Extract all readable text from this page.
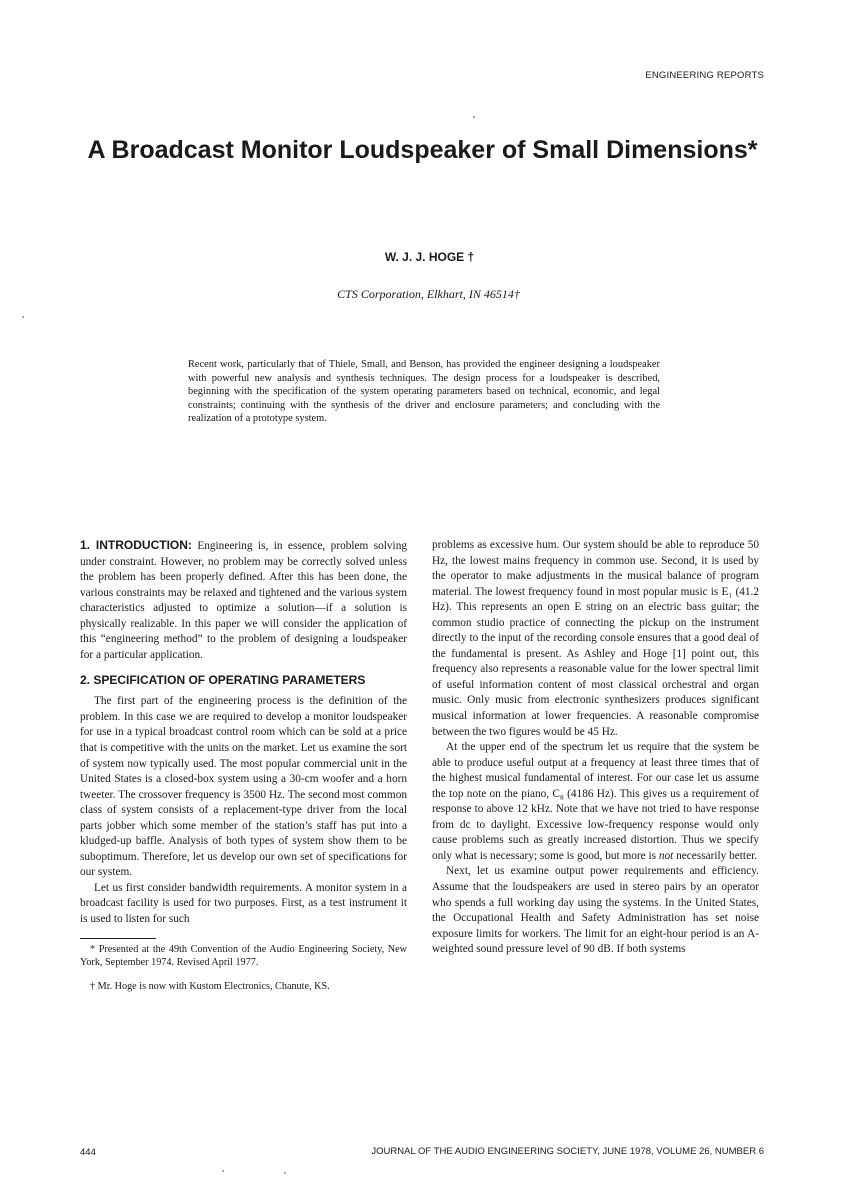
ENGINEERING REPORTS
A Broadcast Monitor Loudspeaker of Small Dimensions*
W. J. J. HOGE †
CTS Corporation, Elkhart, IN 46514†
Recent work, particularly that of Thiele, Small, and Benson, has provided the engineer designing a loudspeaker with powerful new analysis and synthesis techniques. The design process for a loudspeaker is described, beginning with the specification of the system operating parameters based on technical, economic, and legal constraints; continuing with the synthesis of the driver and enclosure parameters; and concluding with the realization of a prototype system.

1. INTRODUCTION: Engineering is, in essence, problem solving under constraint. However, no problem may be correctly solved unless the problem has been properly defined. After this has been done, the various constraints may be relaxed and tightened and the various system characteristics adjusted to optimize a solution—if a solution is physically realizable. In this paper we will consider the application of this “engineering method” to the problem of designing a loudspeaker for a particular application.

2. SPECIFICATION OF OPERATING PARAMETERS

The first part of the engineering process is the definition of the problem. In this case we are required to develop a monitor loudspeaker for use in a typical broadcast control room which can be sold at a price that is competitive with the units on the market. Let us examine the sort of system now typically used. The most popular commercial unit in the United States is a closed-box system using a 30-cm woofer and a horn tweeter. The crossover frequency is 3500 Hz. The second most common class of system consists of a replacement-type driver from the local parts jobber which some member of the station’s staff has put into a kludged-up baffle. Analysis of both types of system show them to be suboptimum. Therefore, let us develop our own set of specifications for our system.

Let us first consider bandwidth requirements. A monitor system in a broadcast facility is used for two purposes. First, as a test instrument it is used to listen for such

* Presented at the 49th Convention of the Audio Engineering Society, New York, September 1974. Revised April 1977.

† Mr. Hoge is now with Kustom Electronics, Chanute, KS.

problems as excessive hum. Our system should be able to reproduce 50 Hz, the lowest mains frequency in common use. Second, it is used by the operator to make adjustments in the musical balance of program material. The lowest frequency found in most popular music is E₁ (41.2 Hz). This represents an open E string on an electric bass guitar; the common studio practice of connecting the pickup on the instrument directly to the input of the recording console ensures that a good deal of the fundamental is present. As Ashley and Hoge [1] point out, this frequency also represents a reasonable value for the lower spectral limit of useful information content of most classical orchestral and organ music. Only music from electronic synthesizers produces significant musical information at lower frequencies. A reasonable compromise between the two figures would be 45 Hz.

At the upper end of the spectrum let us require that the system be able to produce useful output at a frequency at least three times that of the highest musical fundamental of interest. For our case let us assume the top note on the piano, C₈ (4186 Hz). This gives us a requirement of response to above 12 kHz. Note that we have not tried to have response from dc to daylight. Excessive low-frequency response would only cause problems such as greatly increased distortion. Thus we specify only what is necessary; some is good, but more is not necessarily better.

Next, let us examine output power requirements and efficiency. Assume that the loudspeakers are used in stereo pairs by an operator who spends a full working day using the systems. In the United States, the Occupational Health and Safety Administration has set noise exposure limits for workers. The limit for an eight-hour period is an A-weighted sound pressure level of 90 dB. If both systems

444	JOURNAL OF THE AUDIO ENGINEERING SOCIETY, JUNE 1978, VOLUME 26, NUMBER 6
